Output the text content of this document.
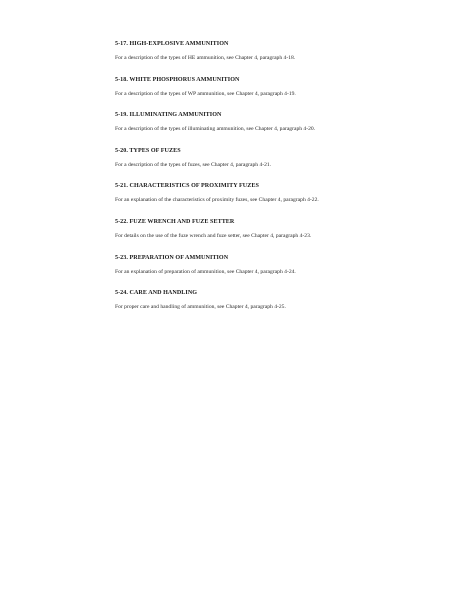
5-17. HIGH-EXPLOSIVE AMMUNITION

For a description of the types of HE ammunition, see Chapter 4, paragraph 4-18.

5-18. WHITE PHOSPHORUS AMMUNITION

For a description of the types of WP ammunition, see Chapter 4, paragraph 4-19.

5-19. ILLUMINATING AMMUNITION

For a description of the types of illuminating ammunition, see Chapter 4, paragraph 4-20.

5-20. TYPES OF FUZES

For a description of the types of fuzes, see Chapter 4, paragraph 4-21.

5-21. CHARACTERISTICS OF PROXIMITY FUZES

For an explanation of the characteristics of proximity fuzes, see Chapter 4, paragraph 4-22.

5-22. FUZE WRENCH AND FUZE SETTER

For details on the use of the fuze wrench and fuze setter, see Chapter 4, paragraph 4-23.

5-23. PREPARATION OF AMMUNITION

For an explanation of preparation of ammunition, see Chapter 4, paragraph 4-24.

5-24. CARE AND HANDLING

For proper care and handling of ammunition, see Chapter 4, paragraph 4-25.
